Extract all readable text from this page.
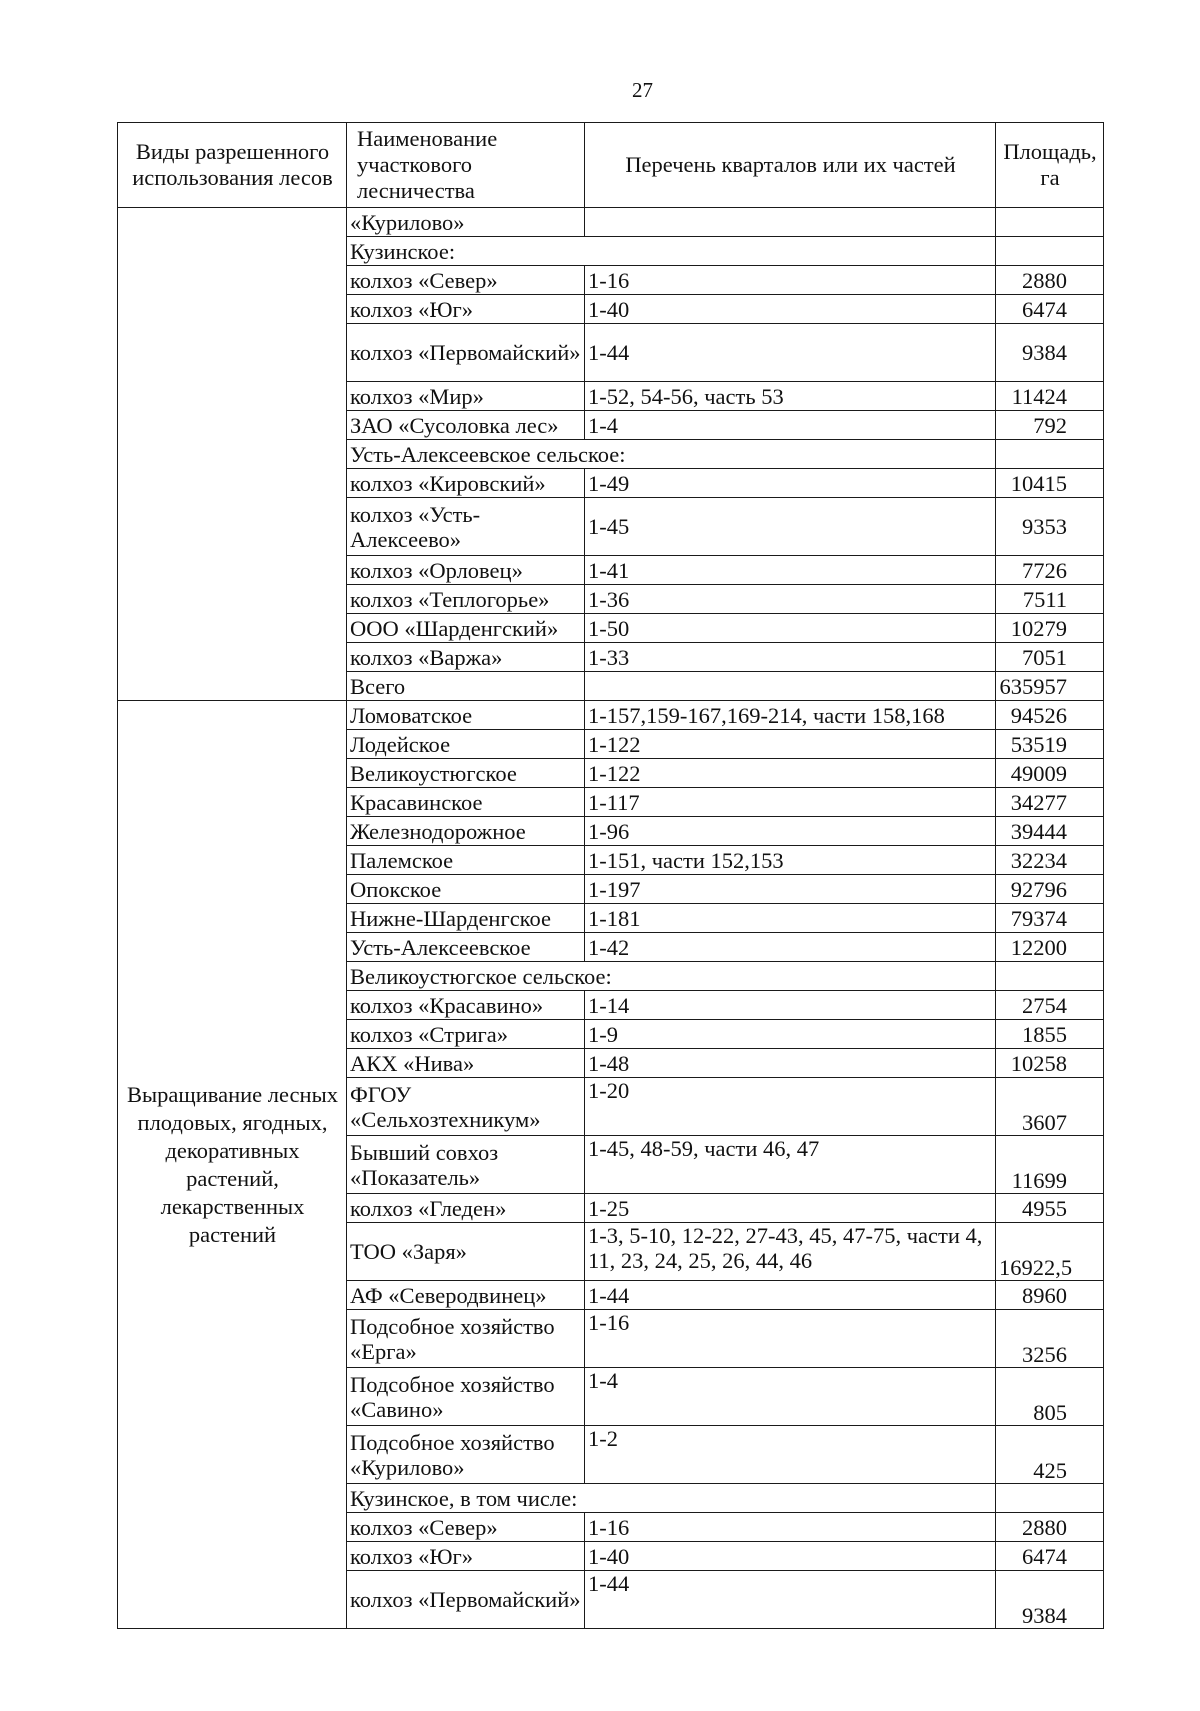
27
Виды разрешенного использования лесов	Наименование участкового лесничества	Перечень кварталов или их частей	Площадь, га
	«Курилово»		
	Кузинское:		
	колхоз «Север»	1-16	2880
	колхоз «Юг»	1-40	6474
	колхоз «Первомайский»	1-44	9384
	колхоз «Мир»	1-52, 54-56, часть 53	11424
	ЗАО «Сусоловка лес»	1-4	792
	Усть-Алексеевское сельское:		
	колхоз «Кировский»	1-49	10415
	колхоз «Усть-Алексеево»	1-45	9353
	колхоз «Орловец»	1-41	7726
	колхоз «Теплогорье»	1-36	7511
	ООО «Шарденгский»	1-50	10279
	колхоз «Варжа»	1-33	7051
	Всего		635957
Выращивание лесных плодовых, ягодных, декоративных растений, лекарственных растений	Ломоватское	1-157,159-167,169-214, части 158,168	94526
	Лодейское	1-122	53519
	Великоустюгское	1-122	49009
	Красавинское	1-117	34277
	Железнодорожное	1-96	39444
	Палемское	1-151, части 152,153	32234
	Опокское	1-197	92796
	Нижне-Шарденгское	1-181	79374
	Усть-Алексеевское	1-42	12200
	Великоустюгское сельское:		
	колхоз «Красавино»	1-14	2754
	колхоз «Стрига»	1-9	1855
	АКХ «Нива»	1-48	10258
	ФГОУ «Сельхозтехникум»	1-20	3607
	Бывший совхоз «Показатель»	1-45, 48-59, части 46, 47	11699
	колхоз «Гледен»	1-25	4955
	ТОО «Заря»	1-3, 5-10, 12-22, 27-43, 45, 47-75, части 4, 11, 23, 24, 25, 26, 44, 46	16922,5
	АФ «Северодвинец»	1-44	8960
	Подсобное хозяйство «Ерга»	1-16	3256
	Подсобное хозяйство «Савино»	1-4	805
	Подсобное хозяйство «Курилово»	1-2	425
	Кузинское, в том числе:		
	колхоз «Север»	1-16	2880
	колхоз «Юг»	1-40	6474
	колхоз «Первомайский»	1-44	9384
